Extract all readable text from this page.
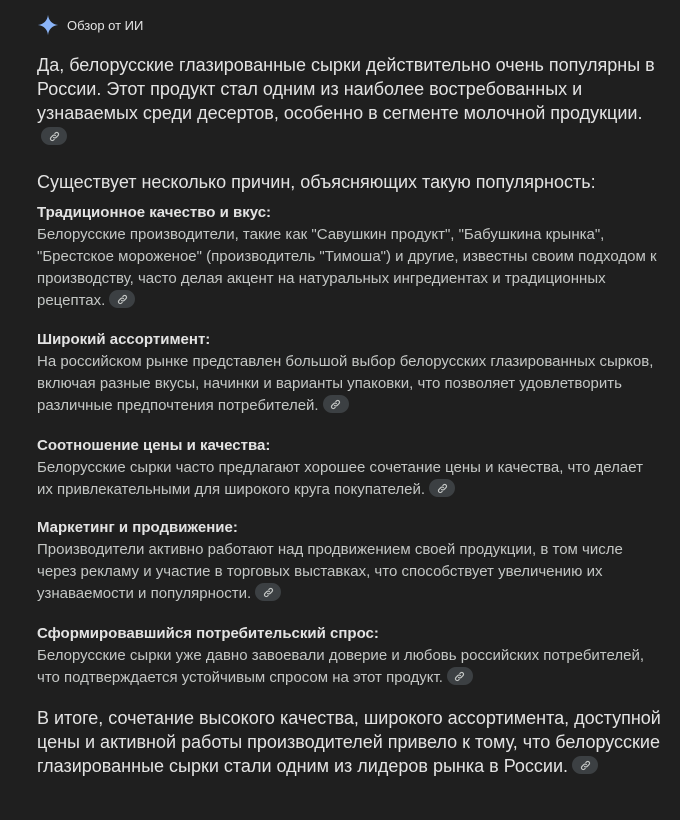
Обзор от ИИ

Да, белорусские глазированные сырки действительно очень популярны в России. Этот продукт стал одним из наиболее востребованных и узнаваемых среди десертов, особенно в сегменте молочной продукции.

Существует несколько причин, объясняющих такую популярность:

Традиционное качество и вкус:

Белорусские производители, такие как "Савушкин продукт", "Бабушкина крынка", "Брестское мороженое" (производитель "Тимоша") и другие, известны своим подходом к производству, часто делая акцент на натуральных ингредиентах и традиционных рецептах.

Широкий ассортимент:

На российском рынке представлен большой выбор белорусских глазированных сырков, включая разные вкусы, начинки и варианты упаковки, что позволяет удовлетворить различные предпочтения потребителей.

Соотношение цены и качества:

Белорусские сырки часто предлагают хорошее сочетание цены и качества, что делает их привлекательными для широкого круга покупателей.

Маркетинг и продвижение:

Производители активно работают над продвижением своей продукции, в том числе через рекламу и участие в торговых выставках, что способствует увеличению их узнаваемости и популярности.

Сформировавшийся потребительский спрос:

Белорусские сырки уже давно завоевали доверие и любовь российских потребителей, что подтверждается устойчивым спросом на этот продукт.

В итоге, сочетание высокого качества, широкого ассортимента, доступной цены и активной работы производителей привело к тому, что белорусские глазированные сырки стали одним из лидеров рынка в России.
